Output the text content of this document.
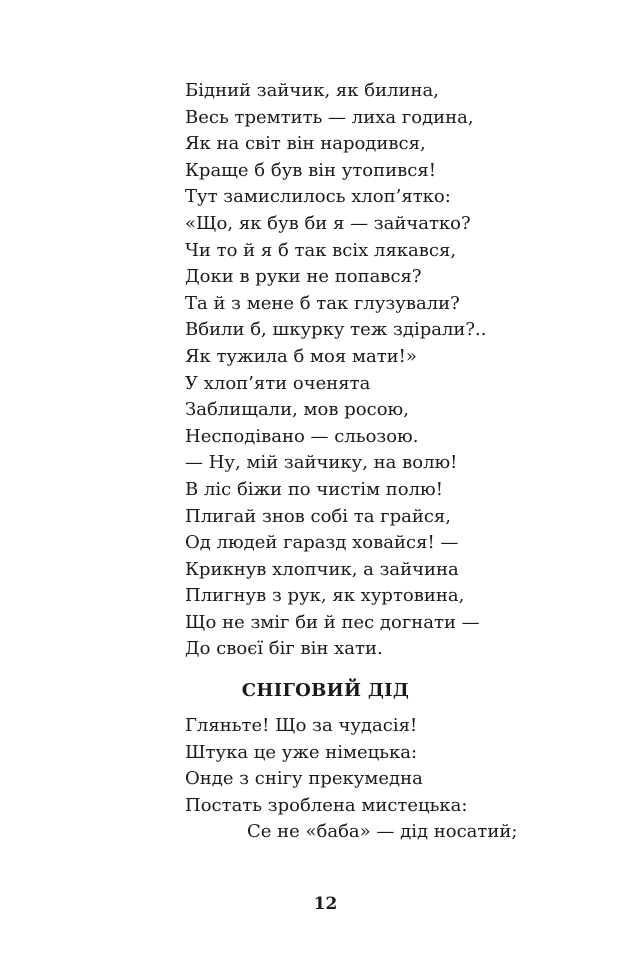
Бідний зайчик, як билина,
Весь тремтить — лиха година,
Як на світ він народився,
Краще б був він утопився!
Тут замислилось хлоп’ятко:
«Що, як був би я — зайчатко?
Чи то й я б так всіх лякався,
Доки в руки не попався?
Та й з мене б так глузували?
Вбили б, шкурку теж здірали?..
Як тужила б моя мати!»
У хлоп’яти оченята
Заблищали, мов росою,
Несподівано — сльозою.
— Ну, мій зайчику, на волю!
В ліс біжи по чистім полю!
Плигай знов собі та грайся,
Од людей гаразд ховайся! —
Крикнув хлопчик, а зайчина
Плигнув з рук, як хуртовина,
Що не зміг би й пес догнати —
До своєї біг він хати.
СНІГОВИЙ ДІД
Гляньте! Що за чудасія!
Штука це уже німецька:
Онде з снігу прекумедна
Постать зроблена мистецька:
Се не «баба» — дід носатий;
12
